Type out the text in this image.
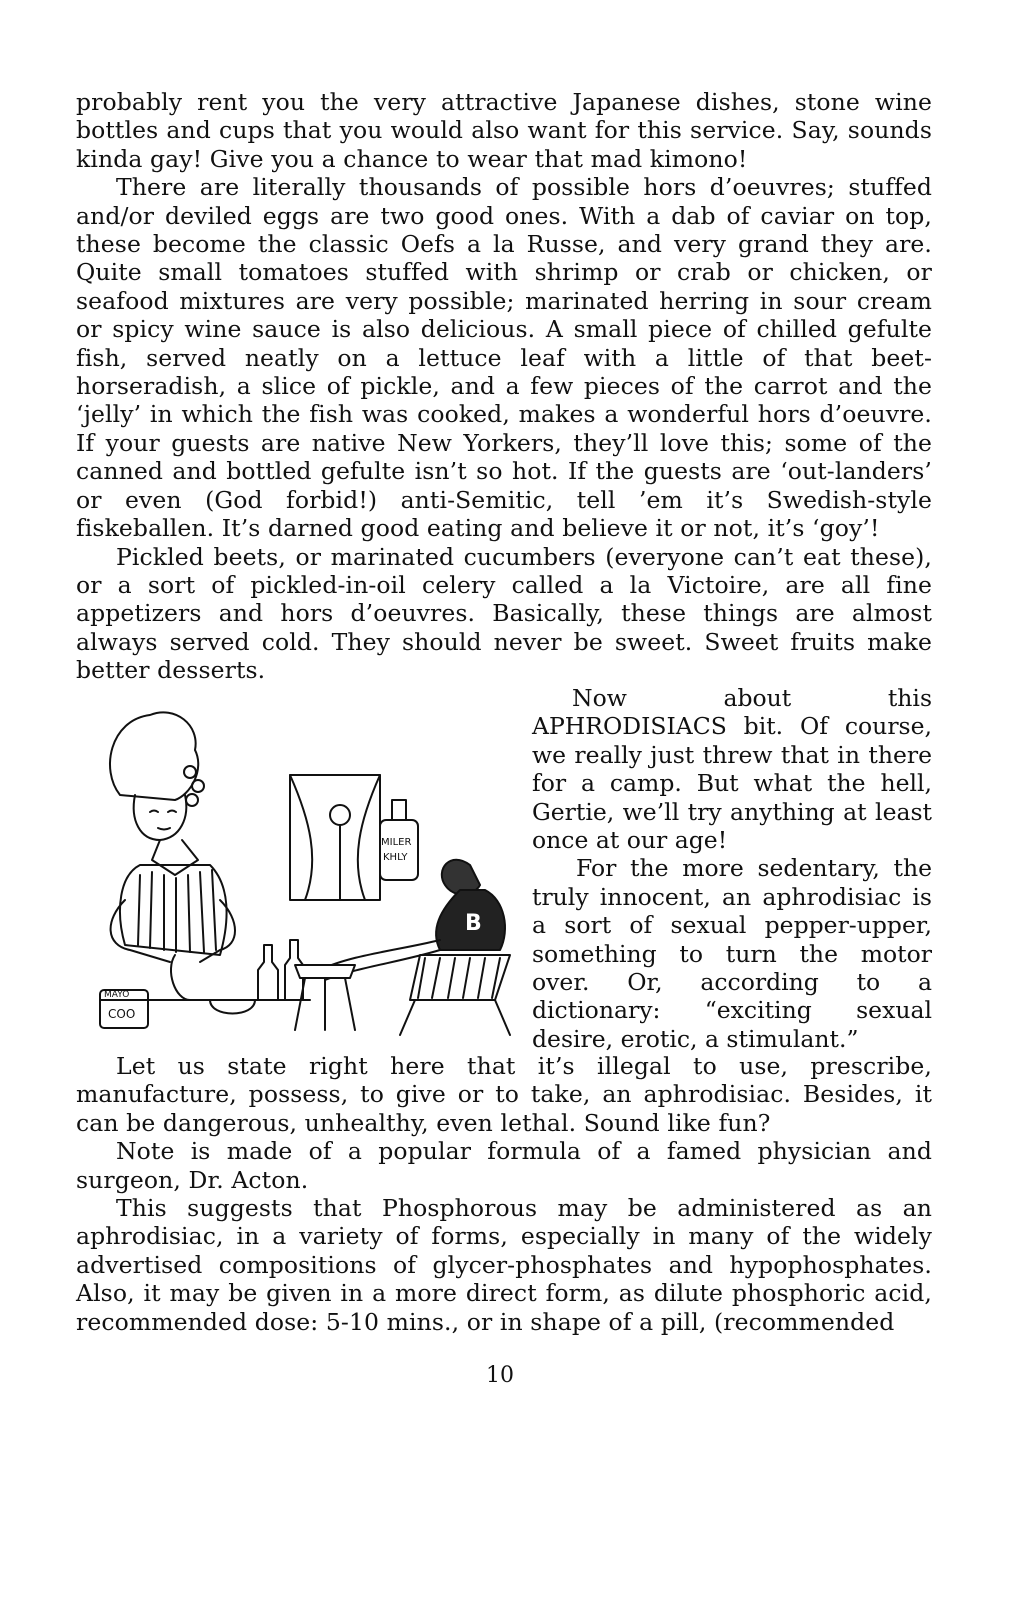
probably rent you the very attractive Japanese dishes, stone wine bottles and cups that you would also want for this service. Say, sounds kinda gay! Give you a chance to wear that mad kimono!

There are literally thousands of possible hors d’oeuvres; stuffed and/or deviled eggs are two good ones. With a dab of caviar on top, these become the classic Oefs a la Russe, and very grand they are. Quite small tomatoes stuffed with shrimp or crab or chicken, or seafood mixtures are very possible; marinated herring in sour cream or spicy wine sauce is also delicious. A small piece of chilled gefulte fish, served neatly on a lettuce leaf with a little of that beet-horseradish, a slice of pickle, and a few pieces of the carrot and the ‘jelly’ in which the fish was cooked, makes a wonderful hors d’oeuvre. If your guests are native New Yorkers, they’ll love this; some of the canned and bottled gefulte isn’t so hot. If the guests are ‘out-landers’ or even (God forbid!) anti-Semitic, tell ’em it’s Swedish-style fiskeballen. It’s darned good eating and believe it or not, it’s ‘goy’!

Pickled beets, or marinated cucumbers (everyone can’t eat these), or a sort of pickled-in-oil celery called a la Victoire, are all fine appetizers and hors d’oeuvres. Basically, these things are almost always served cold. They should never be sweet. Sweet fruits make better desserts.

MAYO
COO
MILER
KHLY
B

Now about this APHRODISIACS bit. Of course, we really just threw that in there for a camp. But what the hell, Gertie, we’ll try anything at least once at our age!

For the more sedentary, the truly innocent, an aphrodisiac is a sort of sexual pepper-upper, something to turn the motor over. Or, according to a dictionary: “exciting sexual desire, erotic, a stimulant.”

Let us state right here that it’s illegal to use, prescribe, manufacture, possess, to give or to take, an aphrodisiac. Besides, it can be dangerous, unhealthy, even lethal. Sound like fun?

Note is made of a popular formula of a famed physician and surgeon, Dr. Acton.

This suggests that Phosphorous may be administered as an aphrodisiac, in a variety of forms, especially in many of the widely advertised compositions of glycer-phosphates and hypophosphates. Also, it may be given in a more direct form, as dilute phosphoric acid, recommended dose: 5-10 mins., or in shape of a pill, (recommended

10
